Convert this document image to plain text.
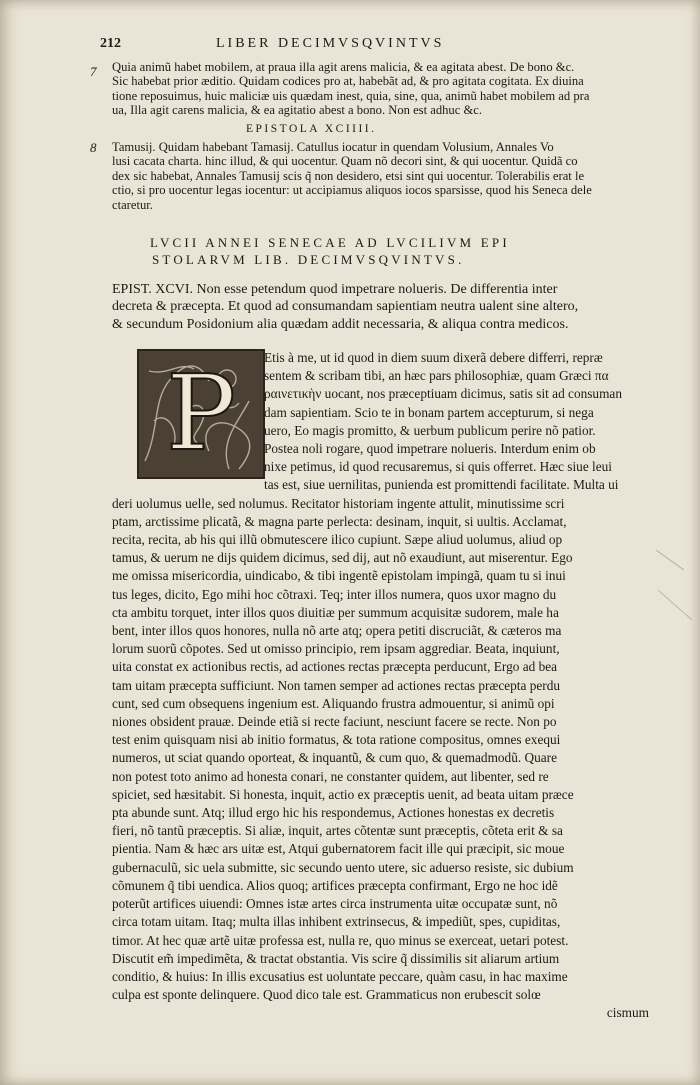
212	LIBER DECIMVSQVINTVS
7 Quia animũ habet mobilem, at praua illa agit arens malicia, & ea agitata abest. De bono &c.
Sic habebat prior æditio. Quidam codices pro at, habebãt ad, & pro agitata cogitata. Ex diuina
tione reposuimus, huic maliciæ uis quædam inest, quia, sine, qua, animũ habet mobilem ad pra
ua, Illa agit carens malicia, & ea agitatio abest a bono. Non est adhuc &c.
EPISTOLA XCIIII.
8 Tamusij. Quidam habebant Tamasij. Catullus iocatur in quendam Volusium, Annales Vo
lusi cacata charta. hinc illud, & qui uocentur. Quam nõ decori sint, & qui uocentur. Quidã co
dex sic habebat, Annales Tamusij scis q̃ non desidero, etsi sint qui uocentur. Tolerabilis erat le
ctio, si pro uocentur legas iocentur: ut accipiamus aliquos iocos sparsisse, quod his Seneca dele
ctaretur.
LVCII ANNEI SENECAE AD LVCILIVM EPI
STOLARVM LIB. DECIMVSQVINTVS.
EPIST. XCVI. Non esse petendum quod impetrare nolueris. De differentia inter
decreta & præcepta. Et quod ad consumandam sapientiam neutra ualent sine altero,
& secundum Posidonium alia quædam addit necessaria, & aliqua contra medicos.
P	Etis à me, ut id quod in diem suum dixerã debere differri, repræ
sentem & scribam tibi, an hæc pars philosophiæ, quam Græci πα
ραινετικὴν uocant, nos præceptiuam dicimus, satis sit ad consuman
dam sapientiam. Scio te in bonam partem accepturum, si nega
uero, Eo magis promitto, & uerbum publicum perire nõ patior.
Postea noli rogare, quod impetrare nolueris. Interdum enim ob
nixe petimus, id quod recusaremus, si quis offerret. Hæc siue leui
tas est, siue uernilitas, punienda est promittendi facilitate. Multa ui
deri uolumus uelle, sed nolumus. Recitator historiam ingente attulit, minutissime scri
ptam, arctissime plicatã, & magna parte perlecta: desinam, inquit, si uultis. Acclamat,
recita, recita, ab his qui illũ obmutescere ilico cupiunt. Sæpe aliud uolumus, aliud op
tamus, & uerum ne dijs quidem dicimus, sed dij, aut nõ exaudiunt, aut miserentur. Ego
me omissa misericordia, uindicabo, & tibi ingentẽ epistolam impingã, quam tu si inui
tus leges, dicito, Ego mihi hoc cõtraxi. Teq; inter illos numera, quos uxor magno du
cta ambitu torquet, inter illos quos diuitiæ per summum acquisitæ sudorem, male ha
bent, inter illos quos honores, nulla nõ arte atq; opera petiti discruciãt, & cæteros ma
lorum suorũ cõpotes. Sed ut omisso principio, rem ipsam aggrediar. Beata, inquiunt,
uita constat ex actionibus rectis, ad actiones rectas præcepta perducunt, Ergo ad bea
tam uitam præcepta sufficiunt. Non tamen semper ad actiones rectas præcepta perdu
cunt, sed cum obsequens ingenium est. Aliquando frustra admouentur, si animũ opi
niones obsident prauæ. Deinde etiã si recte faciunt, nesciunt facere se recte. Non po
test enim quisquam nisi ab initio formatus, & tota ratione compositus, omnes exequi
numeros, ut sciat quando oporteat, & inquantũ, & cum quo, & quemadmodũ. Quare
non potest toto animo ad honesta conari, ne constanter quidem, aut libenter, sed re
spiciet, sed hæsitabit. Si honesta, inquit, actio ex præceptis uenit, ad beata uitam præce
pta abunde sunt. Atq; illud ergo hic his respondemus, Actiones honestas ex decretis
fieri, nõ tantũ præceptis. Si aliæ, inquit, artes cõtentæ sunt præceptis, cõteta erit & sa
pientia. Nam & hæc ars uitæ est, Atqui gubernatorem facit ille qui præcipit, sic moue
gubernaculũ, sic uela submitte, sic secundo uento utere, sic aduerso resiste, sic dubium
cõmunem q̃ tibi uendica. Alios quoq; artifices præcepta confirmant, Ergo ne hoc idẽ
poterũt artifices uiuendi: Omnes istæ artes circa instrumenta uitæ occupatæ sunt, nõ
circa totam uitam. Itaq; multa illas inhibent extrinsecus, & impediũt, spes, cupiditas,
timor. At hec quæ artẽ uitæ professa est, nulla re, quo minus se exerceat, uetari potest.
Discutit em̃ impedimẽta, & tractat obstantia. Vis scire q̃ dissimilis sit aliarum artium
conditio, & huius: In illis excusatius est uoluntate peccare, quàm casu, in hac maxime
culpa est sponte delinquere. Quod dico tale est. Grammaticus non erubescit solœ
cismum
